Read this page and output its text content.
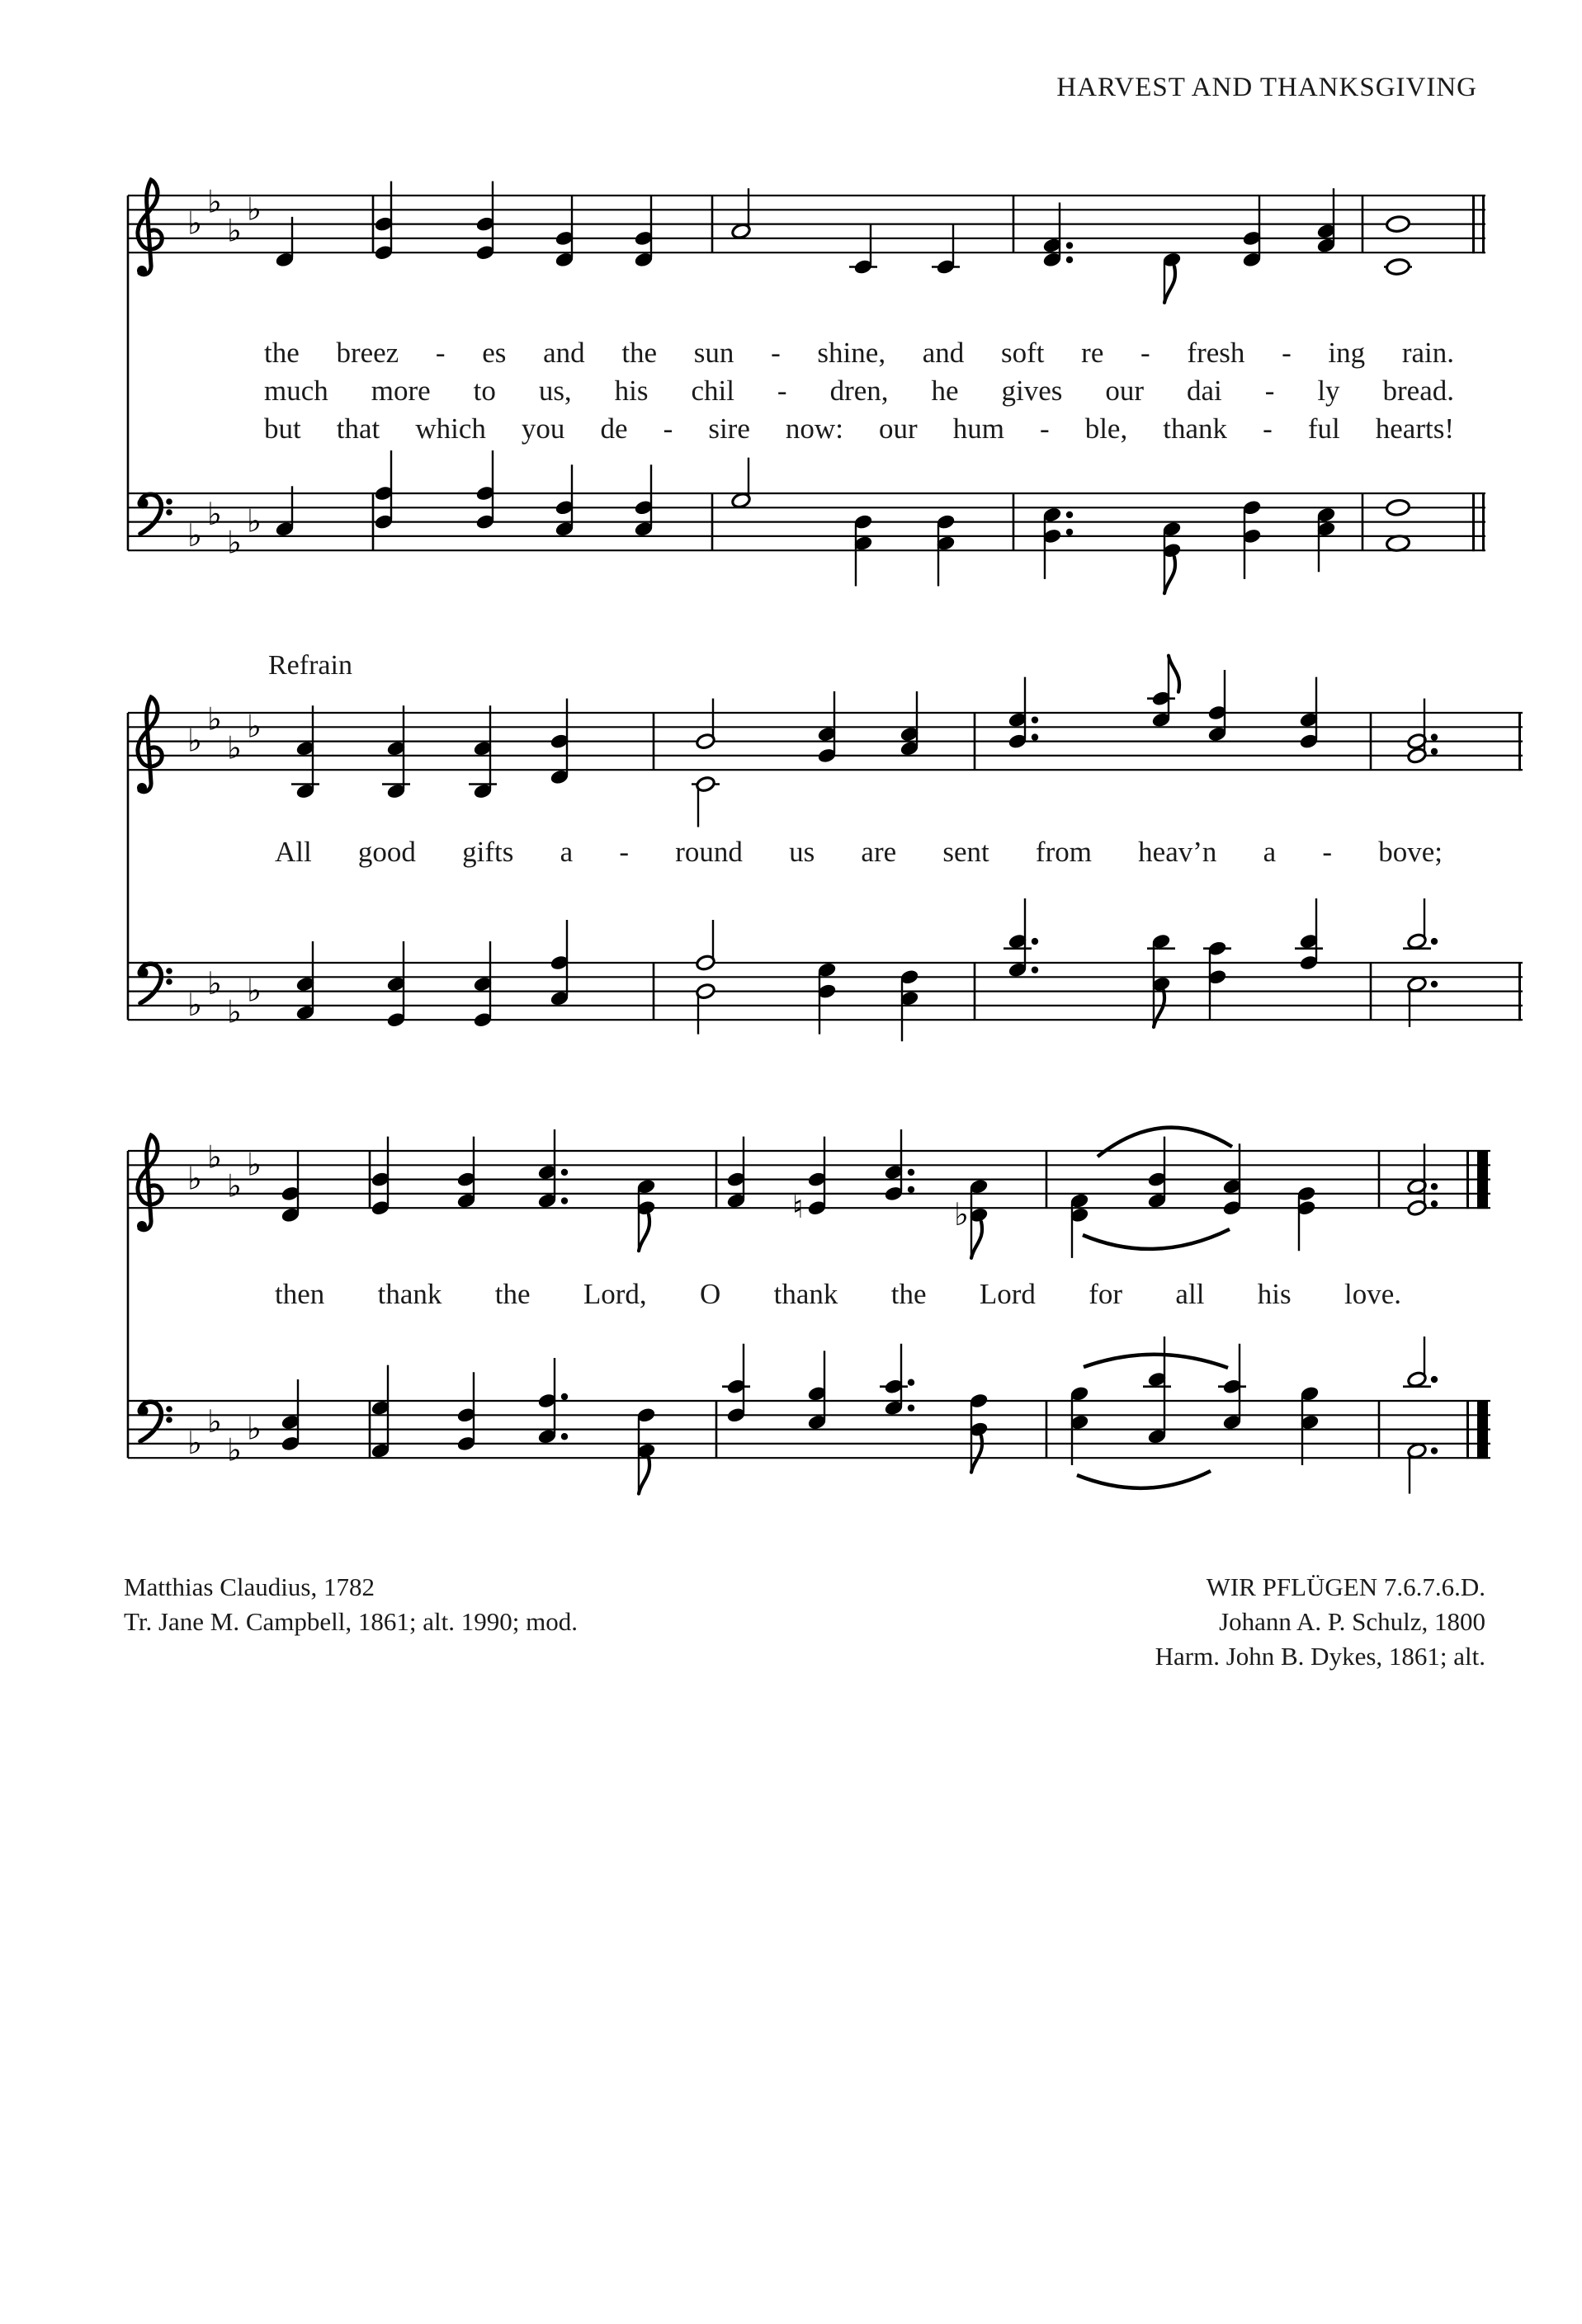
♭
♭
♭
♭
♭
♭
♭
♭
♭
♭
♭
♭
♭
♭
♭
♭
♭
♭
♭
♭
♮	♭
♭
♭
♭
♭
HARVEST AND THANKSGIVING
the breez - es and the sun - shine, and soft re - fresh - ing rain.
much more to us, his chil - dren, he gives our dai - ly bread.
but that which you de - sire now: our hum - ble, thank - ful hearts!
Refrain
All good gifts a - round us are sent from heav’n a - bove;
then thank the Lord, O thank the Lord for all his love.
Matthias Claudius, 1782
Tr. Jane M. Campbell, 1861; alt. 1990; mod.
WIR PFLÜGEN 7.6.7.6.D.
Johann A. P. Schulz, 1800
Harm. John B. Dykes, 1861; alt.
